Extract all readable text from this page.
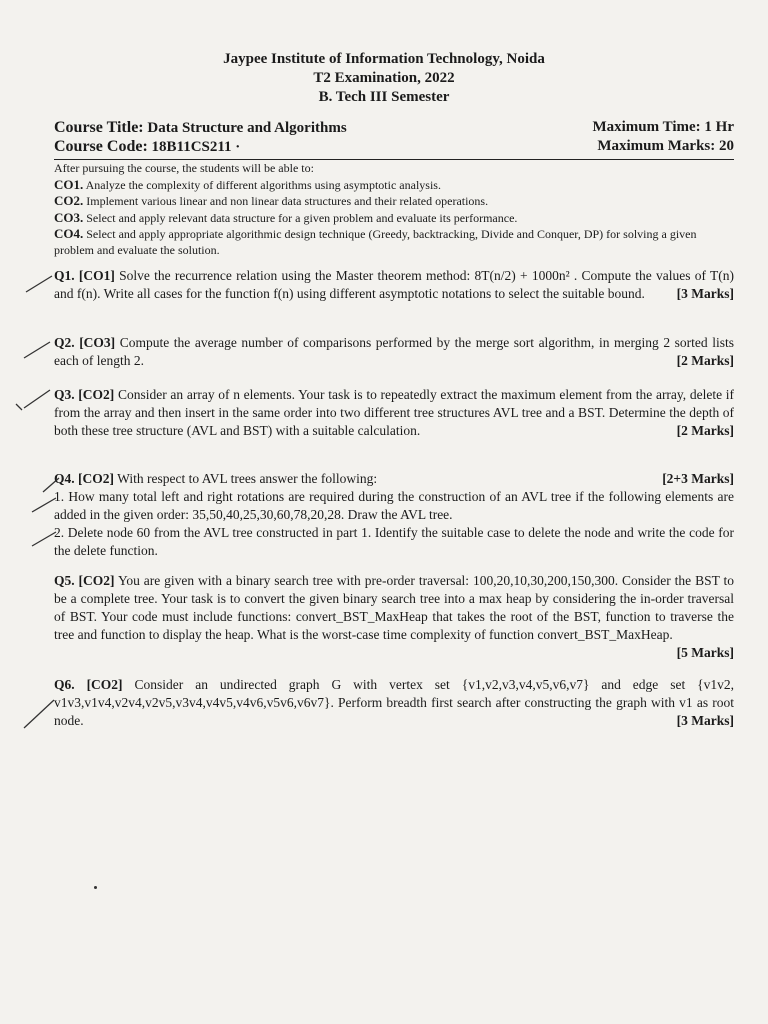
Jaypee Institute of Information Technology, Noida
T2 Examination, 2022
B. Tech III Semester
Course Title: Data Structure and Algorithms	Maximum Time: 1 Hr
Course Code: 18B11CS211 ·	Maximum Marks: 20

After pursuing the course, the students will be able to:

CO1. Analyze the complexity of different algorithms using asymptotic analysis.

CO2. Implement various linear and non linear data structures and their related operations.

CO3. Select and apply relevant data structure for a given problem and evaluate its performance.

CO4. Select and apply appropriate algorithmic design technique (Greedy, backtracking, Divide and Conquer, DP) for solving a given problem and evaluate the solution.

Q1. [CO1] Solve the recurrence relation using the Master theorem method: 8T(n/2) + 1000n² . Compute the values of T(n) and f(n). Write all cases for the function f(n) using different asymptotic notations to select the suitable bound. [3 Marks]

Q2. [CO3] Compute the average number of comparisons performed by the merge sort algorithm, in merging 2 sorted lists each of length 2.	[2 Marks]

Q3. [CO2] Consider an array of n elements. Your task is to repeatedly extract the maximum element from the array, delete if from the array and then insert in the same order into two different tree structures AVL tree and a BST. Determine the depth of both these tree structure (AVL and BST) with a suitable calculation.	[2 Marks]

Q4. [CO2] With respect to AVL trees answer the following:	[2+3 Marks]

1. How many total left and right rotations are required during the construction of an AVL tree if the following elements are added in the given order: 35,50,40,25,30,60,78,20,28. Draw the AVL tree.

2. Delete node 60 from the AVL tree constructed in part 1. Identify the suitable case to delete the node and write the code for the delete function.

Q5. [CO2] You are given with a binary search tree with pre-order traversal: 100,20,10,30,200,150,300. Consider the BST to be a complete tree. Your task is to convert the given binary search tree into a max heap by considering the in-order traversal of BST. Your code must include functions: convert_BST_MaxHeap that takes the root of the BST, function to traverse the tree and function to display the heap. What is the worst-case time complexity of function convert_BST_MaxHeap.
[5 Marks]

Q6. [CO2] Consider an undirected graph G with vertex set {v1,v2,v3,v4,v5,v6,v7} and edge set {v1v2, v1v3,v1v4,v2v4,v2v5,v3v4,v4v5,v4v6,v5v6,v6v7}. Perform breadth first search after constructing the graph with v1 as root node.	[3 Marks]
